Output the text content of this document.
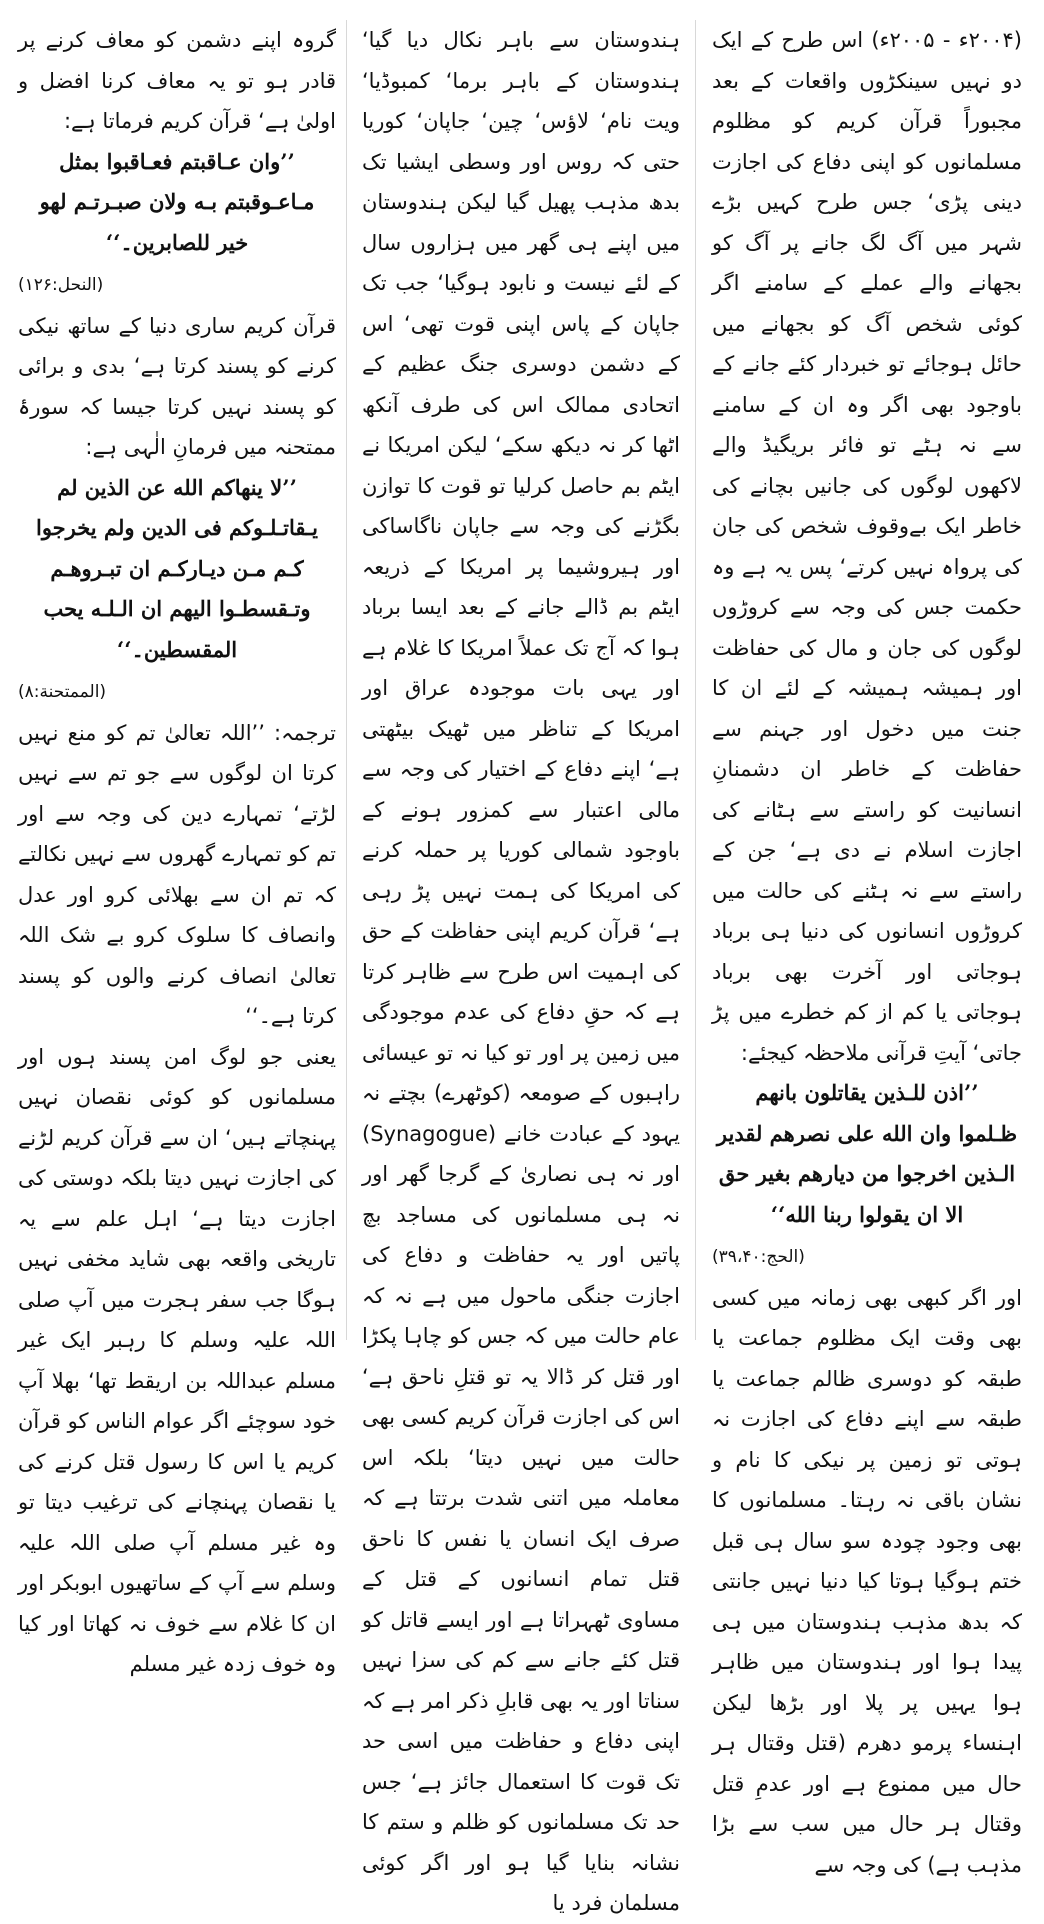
(۲۰۰۴ء - ۲۰۰۵ء) اس طرح کے ایک دو نہیں سینکڑوں واقعات کے بعد مجبوراً قرآن کریم کو مظلوم مسلمانوں کو اپنی دفاع کی اجازت دینی پڑی‘ جس طرح کہیں بڑے شہر میں آگ لگ جانے پر آگ کو بجھانے والے عملے کے سامنے اگر کوئی شخص آگ کو بجھانے میں حائل ہوجائے تو خبردار کئے جانے کے باوجود بھی اگر وہ ان کے سامنے سے نہ ہٹے تو فائر بریگیڈ والے لاکھوں لوگوں کی جانیں بچانے کی خاطر ایک بےوقوف شخص کی جان کی پرواہ نہیں کرتے‘ پس یہ ہے وہ حکمت جس کی وجہ سے کروڑوں لوگوں کی جان و مال کی حفاظت اور ہمیشہ ہمیشہ کے لئے ان کا جنت میں دخول اور جہنم سے حفاظت کے خاطر ان دشمنانِ انسانیت کو راستے سے ہٹانے کی اجازت اسلام نے دی ہے‘ جن کے راستے سے نہ ہٹنے کی حالت میں کروڑوں انسانوں کی دنیا ہی برباد ہوجاتی اور آخرت بھی برباد ہوجاتی یا کم از کم خطرے میں پڑ جاتی‘ آیتِ قرآنی ملاحظہ کیجئے:

’’اذن للـذين يقاتلون بانهم
ظـلموا وان الله على نصرهم لقدير
الـذين اخرجوا من ديارهم بغير حق
الا ان يقولوا ربنا الله‘‘

(الحج:۳۹،۴۰)

اور اگر کبھی بھی زمانہ میں کسی بھی وقت ایک مظلوم جماعت یا طبقہ کو دوسری ظالم جماعت یا طبقہ سے اپنے دفاع کی اجازت نہ ہوتی تو زمین پر نیکی کا نام و نشان باقی نہ رہتا۔ مسلمانوں کا بھی وجود چودہ سو سال ہی قبل ختم ہوگیا ہوتا کیا دنیا نہیں جانتی کہ بدھ مذہب ہندوستان میں ہی پیدا ہوا اور ہندوستان میں ظاہر ہوا یہیں پر پلا اور بڑھا لیکن اہنساء پرمو دھرم (قتل وقتال ہر حال میں ممنوع ہے اور عدمِ قتل وقتال ہر حال میں سب سے بڑا مذہب ہے) کی وجہ سے

ہندوستان سے باہر نکال دیا گیا‘ ہندوستان کے باہر برما‘ کمبوڈیا‘ ویت نام‘ لاؤس‘ چین‘ جاپان‘ کوریا حتی کہ روس اور وسطی ایشیا تک بدھ مذہب پھیل گیا لیکن ہندوستان میں اپنے ہی گھر میں ہزاروں سال کے لئے نیست و نابود ہوگیا‘ جب تک جاپان کے پاس اپنی قوت تھی‘ اس کے دشمن دوسری جنگ عظیم کے اتحادی ممالک اس کی طرف آنکھ اٹھا کر نہ دیکھ سکے‘ لیکن امریکا نے ایٹم بم حاصل کرلیا تو قوت کا توازن بگڑنے کی وجہ سے جاپان ناگاساکی اور ہیروشیما پر امریکا کے ذریعہ ایٹم بم ڈالے جانے کے بعد ایسا برباد ہوا کہ آج تک عملاً امریکا کا غلام ہے اور یہی بات موجودہ عراق اور امریکا کے تناظر میں ٹھیک بیٹھتی ہے‘ اپنے دفاع کے اختیار کی وجہ سے مالی اعتبار سے کمزور ہونے کے باوجود شمالی کوریا پر حملہ کرنے کی امریکا کی ہمت نہیں پڑ رہی ہے‘ قرآن کریم اپنی حفاظت کے حق کی اہمیت اس طرح سے ظاہر کرتا ہے کہ حقِ دفاع کی عدم موجودگی میں زمین پر اور تو کیا نہ تو عیسائی راہبوں کے صومعہ (کوٹھرے) بچتے نہ یہود کے عبادت خانے (Synagogue) اور نہ ہی نصاریٰ کے گرجا گھر اور نہ ہی مسلمانوں کی مساجد بچ پاتیں اور یہ حفاظت و دفاع کی اجازت جنگی ماحول میں ہے نہ کہ عام حالت میں کہ جس کو چاہا پکڑا اور قتل کر ڈالا یہ تو قتلِ ناحق ہے‘ اس کی اجازت قرآن کریم کسی بھی حالت میں نہیں دیتا‘ بلکہ اس معاملہ میں اتنی شدت برتتا ہے کہ صرف ایک انسان یا نفس کا ناحق قتل تمام انسانوں کے قتل کے مساوی ٹھہراتا ہے اور ایسے قاتل کو قتل کئے جانے سے کم کی سزا نہیں سناتا اور یہ بھی قابلِ ذکر امر ہے کہ اپنی دفاع و حفاظت میں اسی حد تک قوت کا استعمال جائز ہے‘ جس حد تک مسلمانوں کو ظلم و ستم کا نشانہ بنایا گیا ہو اور اگر کوئی مسلمان فرد یا

گروہ اپنے دشمن کو معاف کرنے پر قادر ہو تو یہ معاف کرنا افضل و اولیٰ ہے‘ قرآن کریم فرماتا ہے:

’’وان عـاقبتم فعـاقبوا بمثل
مـاعـوقبتم بـه ولان صبـرتـم لهو
خير للصابرين۔‘‘

(النحل:۱۲۶)

قرآن کریم ساری دنیا کے ساتھ نیکی کرنے کو پسند کرتا ہے‘ بدی و برائی کو پسند نہیں کرتا جیسا کہ سورۂ ممتحنہ میں فرمانِ الٰہی ہے:

’’لا ينهاكم الله عن الذين لم
يـقاتـلـوكم فى الدين ولم يخرجوا
كـم مـن ديـاركـم ان تبـروهـم
وتـقسطـوا اليهم ان الـلـه يحب
المقسطين۔‘‘

(الممتحنة:۸)

ترجمہ: ’’اللہ تعالیٰ تم کو منع نہیں کرتا ان لوگوں سے جو تم سے نہیں لڑتے‘ تمہارے دین کی وجہ سے اور تم کو تمہارے گھروں سے نہیں نکالتے کہ تم ان سے بھلائی کرو اور عدل وانصاف کا سلوک کرو بے شک اللہ تعالیٰ انصاف کرنے والوں کو پسند کرتا ہے۔‘‘

یعنی جو لوگ امن پسند ہوں اور مسلمانوں کو کوئی نقصان نہیں پہنچاتے ہیں‘ ان سے قرآن کریم لڑنے کی اجازت نہیں دیتا بلکہ دوستی کی اجازت دیتا ہے‘ اہل علم سے یہ تاریخی واقعہ بھی شاید مخفی نہیں ہوگا جب سفر ہجرت میں آپ صلی اللہ علیہ وسلم کا رہبر ایک غیر مسلم عبداللہ بن اریقط تھا‘ بھلا آپ خود سوچئے اگر عوام الناس کو قرآن کریم یا اس کا رسول قتل کرنے کی یا نقصان پہنچانے کی ترغیب دیتا تو وہ غیر مسلم آپ صلی اللہ علیہ وسلم سے آپ کے ساتھیوں ابوبکر اور ان کا غلام سے خوف نہ کھاتا اور کیا وہ خوف زدہ غیر مسلم
